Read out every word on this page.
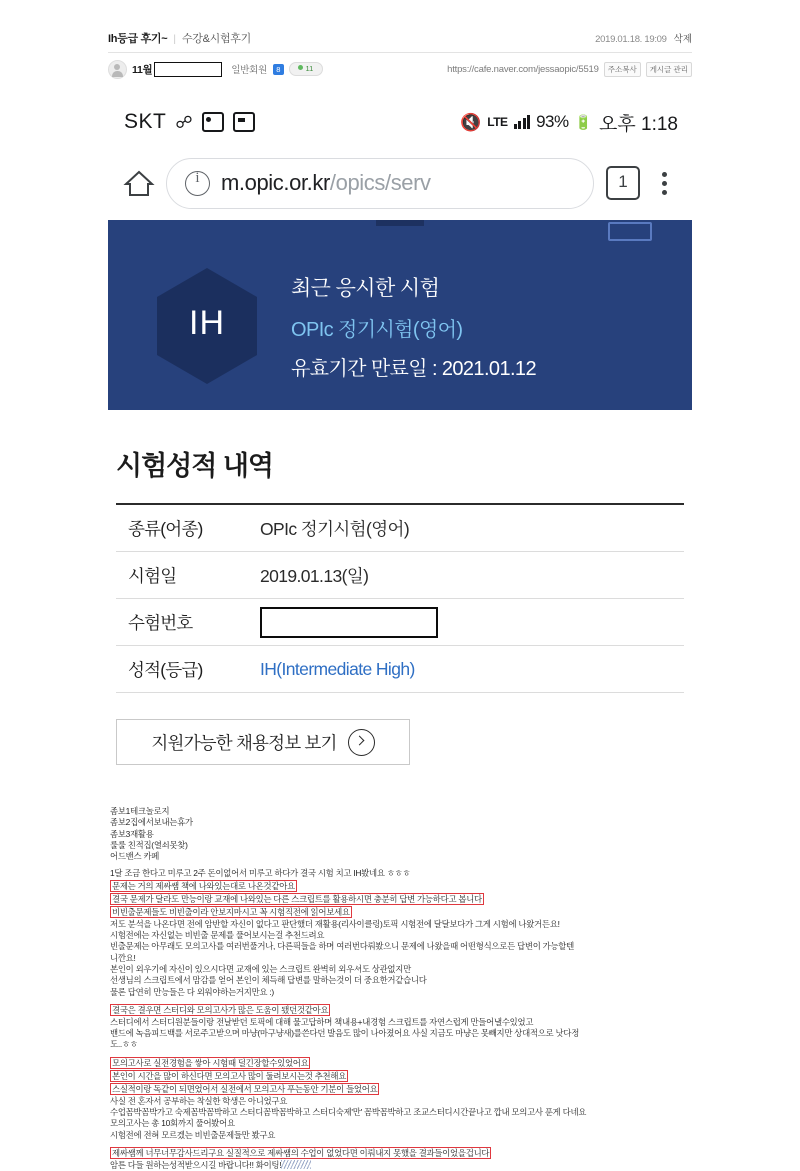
Ih등급 후기~ | 수강&시험후기	2019.01.18. 19:09 삭제
11월	일반회원	8	11	https://cafe.naver.com/jessaopic/5519	주소복사	게시글 관리
SKT ☍	🔇 LTE 93% 🔋 오후 1:18
i
m.opic.or.kr/opics/serv	1
IH
최근 응시한 시험
OPIc 정기시험(영어)
유효기간 만료일 : 2021.01.12
시험성적 내역
종류(어종)	OPIc 정기시험(영어)
시험일	2019.01.13(일)
수험번호
성적(등급)	IH(Intermediate High)
지원가능한 채용정보 보기

좀보1테크놀로지

좀보2집에서보내는휴가

좀보3재활용

룰룰 친적집(열쇠못찾)

어드밴스 카페

1달 조금 한다고 미루고 2주 돈이없어서 미루고 하다가 결국 시험 치고 IH봤네요 ㅎㅎㅎ

문제는 거의 제싸쌤 책에 나와있는대로 나온것같아요

결국 문제가 달라도 만능이랑 교재에 나와있는 다른 스크립트를 활용하시면 충분히 답변 가능하다고 봅니다

비빈출문제들도 비빈출이라 안보지마시고 꼭 시험직전에 읽어보세요

저도 분석을 나온다면 전에 암반할 자신이 없다고 판단했더 재활용(리사이클링)토픽 시험전에 달달보다가 그게 시험에 나왔거든요!

시험전에는 자신없는 비빈출 문제를 풀어보시는걸 추천드려요

빈출문제는 아무래도 모의고사를 여러번풀거나, 다른픽들을 하며 여러번다뤄봤으니 문제에 나왔을때 어떤형식으로든 답변이 가능할텐

니깐요!

본인이 외우기에 자신이 있으시다면 교재에 있는 스크립트 완벽히 외우셔도 상관없지만

선생님의 스크립트에서 맘감를 얻어 본인이 체득해 답변를 말하는것이 더 중요한거같습니다

물론 답연히 만능들은 다 외워야하는거지만요 :)

결국은 결우면 스터디와 모의고사가 많은 도움이 됐던것같아요

스터디에서 스터디원분들이랑 전날받던 토픽에 대해 물고답하며 책내용+내경험 스크립트를 자연스럽게 만들어낼수있었고

밴드에 녹음피드백를 서로주고받으며 마냥(마구냥새)를쓴다던 발음도 많이 나아졌어요 사실 지금도 마냥은 못빼지만 상대적으로 낫다정

도..ㅎㅎ

모의고사로 실전경험을 쌓아 시험때 덜긴장할수있었어요

본인이 시간을 많이 하신다면 모의고사 많이 둘려보시는것 추천해요

스실적이랑 독같이 되면었어서 실전에서 모의고사 푸는동안 기분이 들었어요

사실 전 혼자서 공부하는 착실한 학생은 아니었구요

수업꼼박꼼박가고 숙제꼼박꼼박하고 스터디꼼박꼼박하고 스터디숙제'만' 꼼박꼼박하고 조교스터디시간끝나고 깝내 모의고사 푼게 다네요

모의고사는 총 10회까지 풀어봤어요

시험전에 전혀 모르겠는 비빈출문제들만 봤구요

제싸쌤께 너무너무감사드리구요 실질적으로 제싸쌤의 수업이 없었다면 이뤄내지 못했을 결과들이었을겁니다

암튼 다들 원하는성적받으시길 바랍니다!! 화이팅!
